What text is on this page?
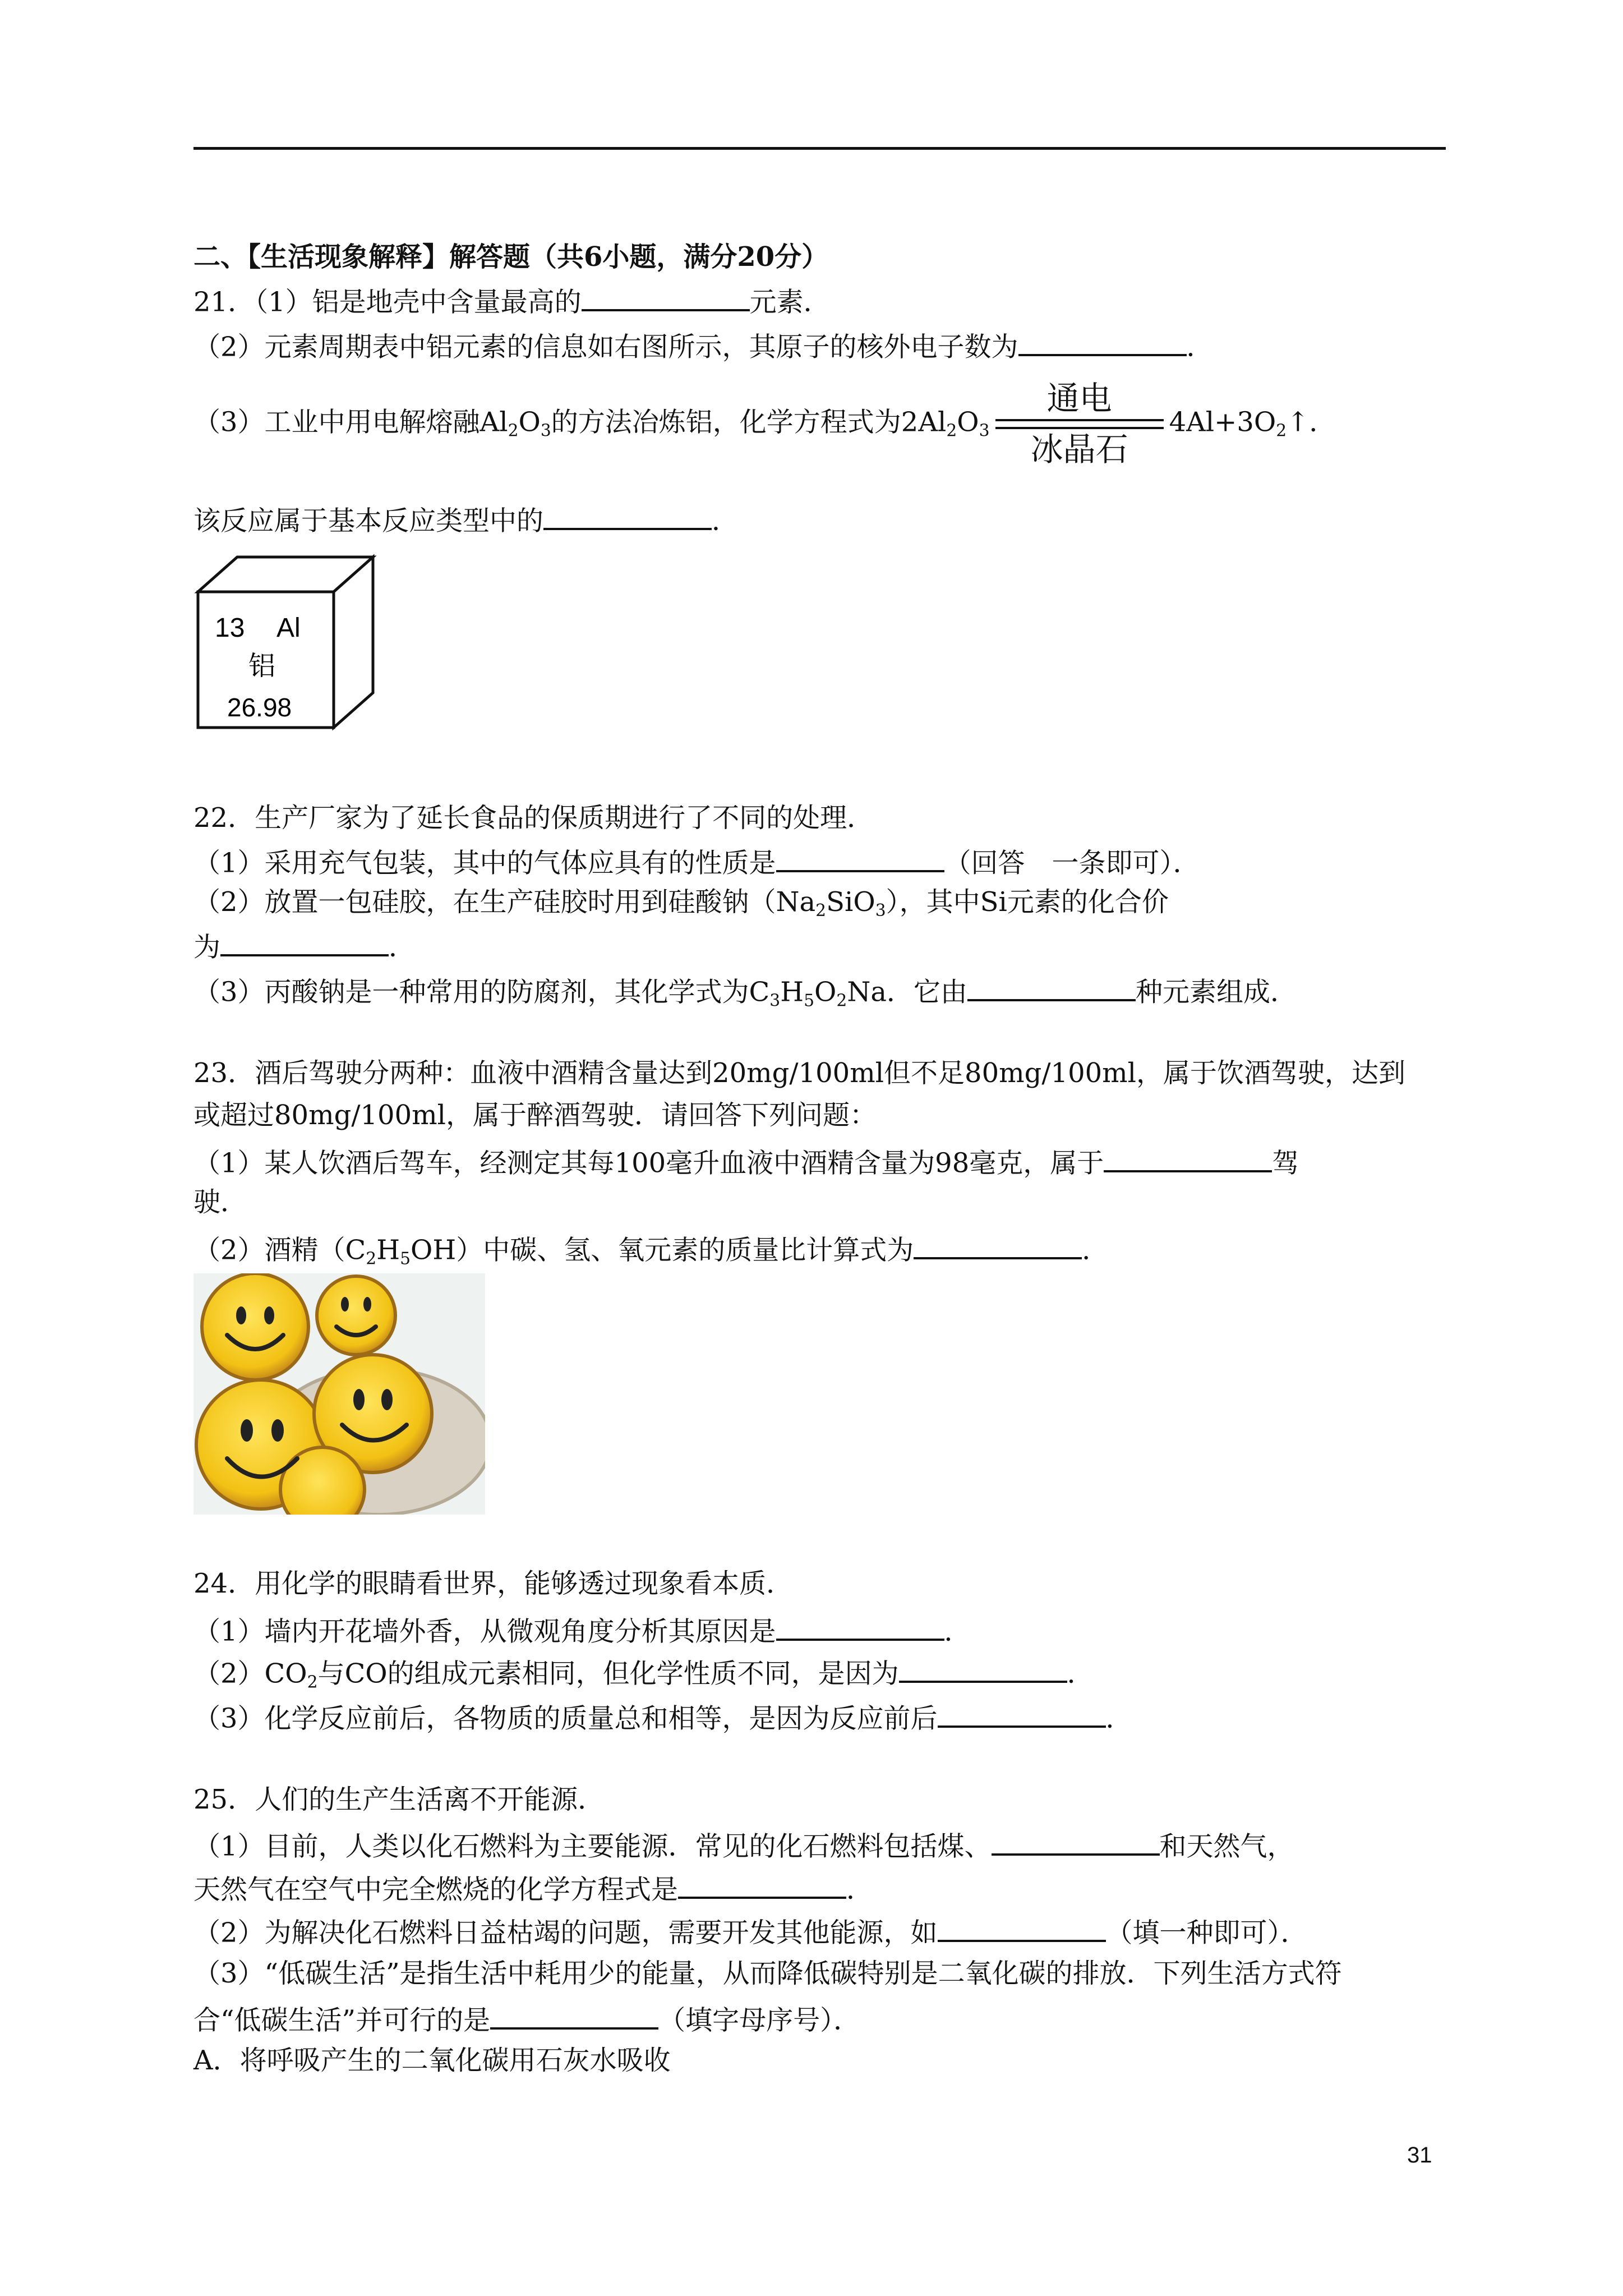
二、【生活现象解释】解答题（共6小题，满分20分）
21．（1）铝是地壳中含量最高的	元素．
（2）元素周期表中铝元素的信息如右图所示，其原子的核外电子数为	．
（3）工业中用电解熔融$Al_2O_3$的方法冶炼铝，化学方程式为$2Al_2O_3$
通电
冰晶石
$4Al+3O_2↑$．
该反应属于基本反应类型中的	．
13 Al
铝
26.98
22．生产厂家为了延长食品的保质期进行了不同的处理．
（1）采用充气包装，其中的气体应具有的性质是	（回答　一条即可）．
（2）放置一包硅胶，在生产硅胶时用到硅酸钠$(Na_2SiO_3)$，其中Si元素的化合价
为	．
（3）丙酸钠是一种常用的防腐剂，其化学式为$C_3H_5O_2Na$．它由	种元素组成．
23．酒后驾驶分两种：血液中酒精含量达到20mg/100ml但不足80mg/100ml，属于饮酒驾驶，达到
或超过80mg/100ml，属于醉酒驾驶．请回答下列问题：
（1）某人饮酒后驾车，经测定其每100毫升血液中酒精含量为98毫克，属于	驾
驶．
（2）酒精$(C_2H_5OH)$中碳、氢、氧元素的质量比计算式为	．
24．用化学的眼睛看世界，能够透过现象看本质．
（1）墙内开花墙外香，从微观角度分析其原因是	．
$(2)CO_2$与CO的组成元素相同，但化学性质不同，是因为	．
（3）化学反应前后，各物质的质量总和相等，是因为反应前后	．
25．人们的生产生活离不开能源．
（1）目前，人类以化石燃料为主要能源．常见的化石燃料包括煤、	和天然气，
天然气在空气中完全燃烧的化学方程式是	．
（2）为解决化石燃料日益枯竭的问题，需要开发其他能源，如	（填一种即可）．
（3）“低碳生活”是指生活中耗用少的能量，从而降低碳特别是二氧化碳的排放．下列生活方式符
合“低碳生活”并可行的是	（填字母序号）．
A．将呼吸产生的二氧化碳用石灰水吸收
31
